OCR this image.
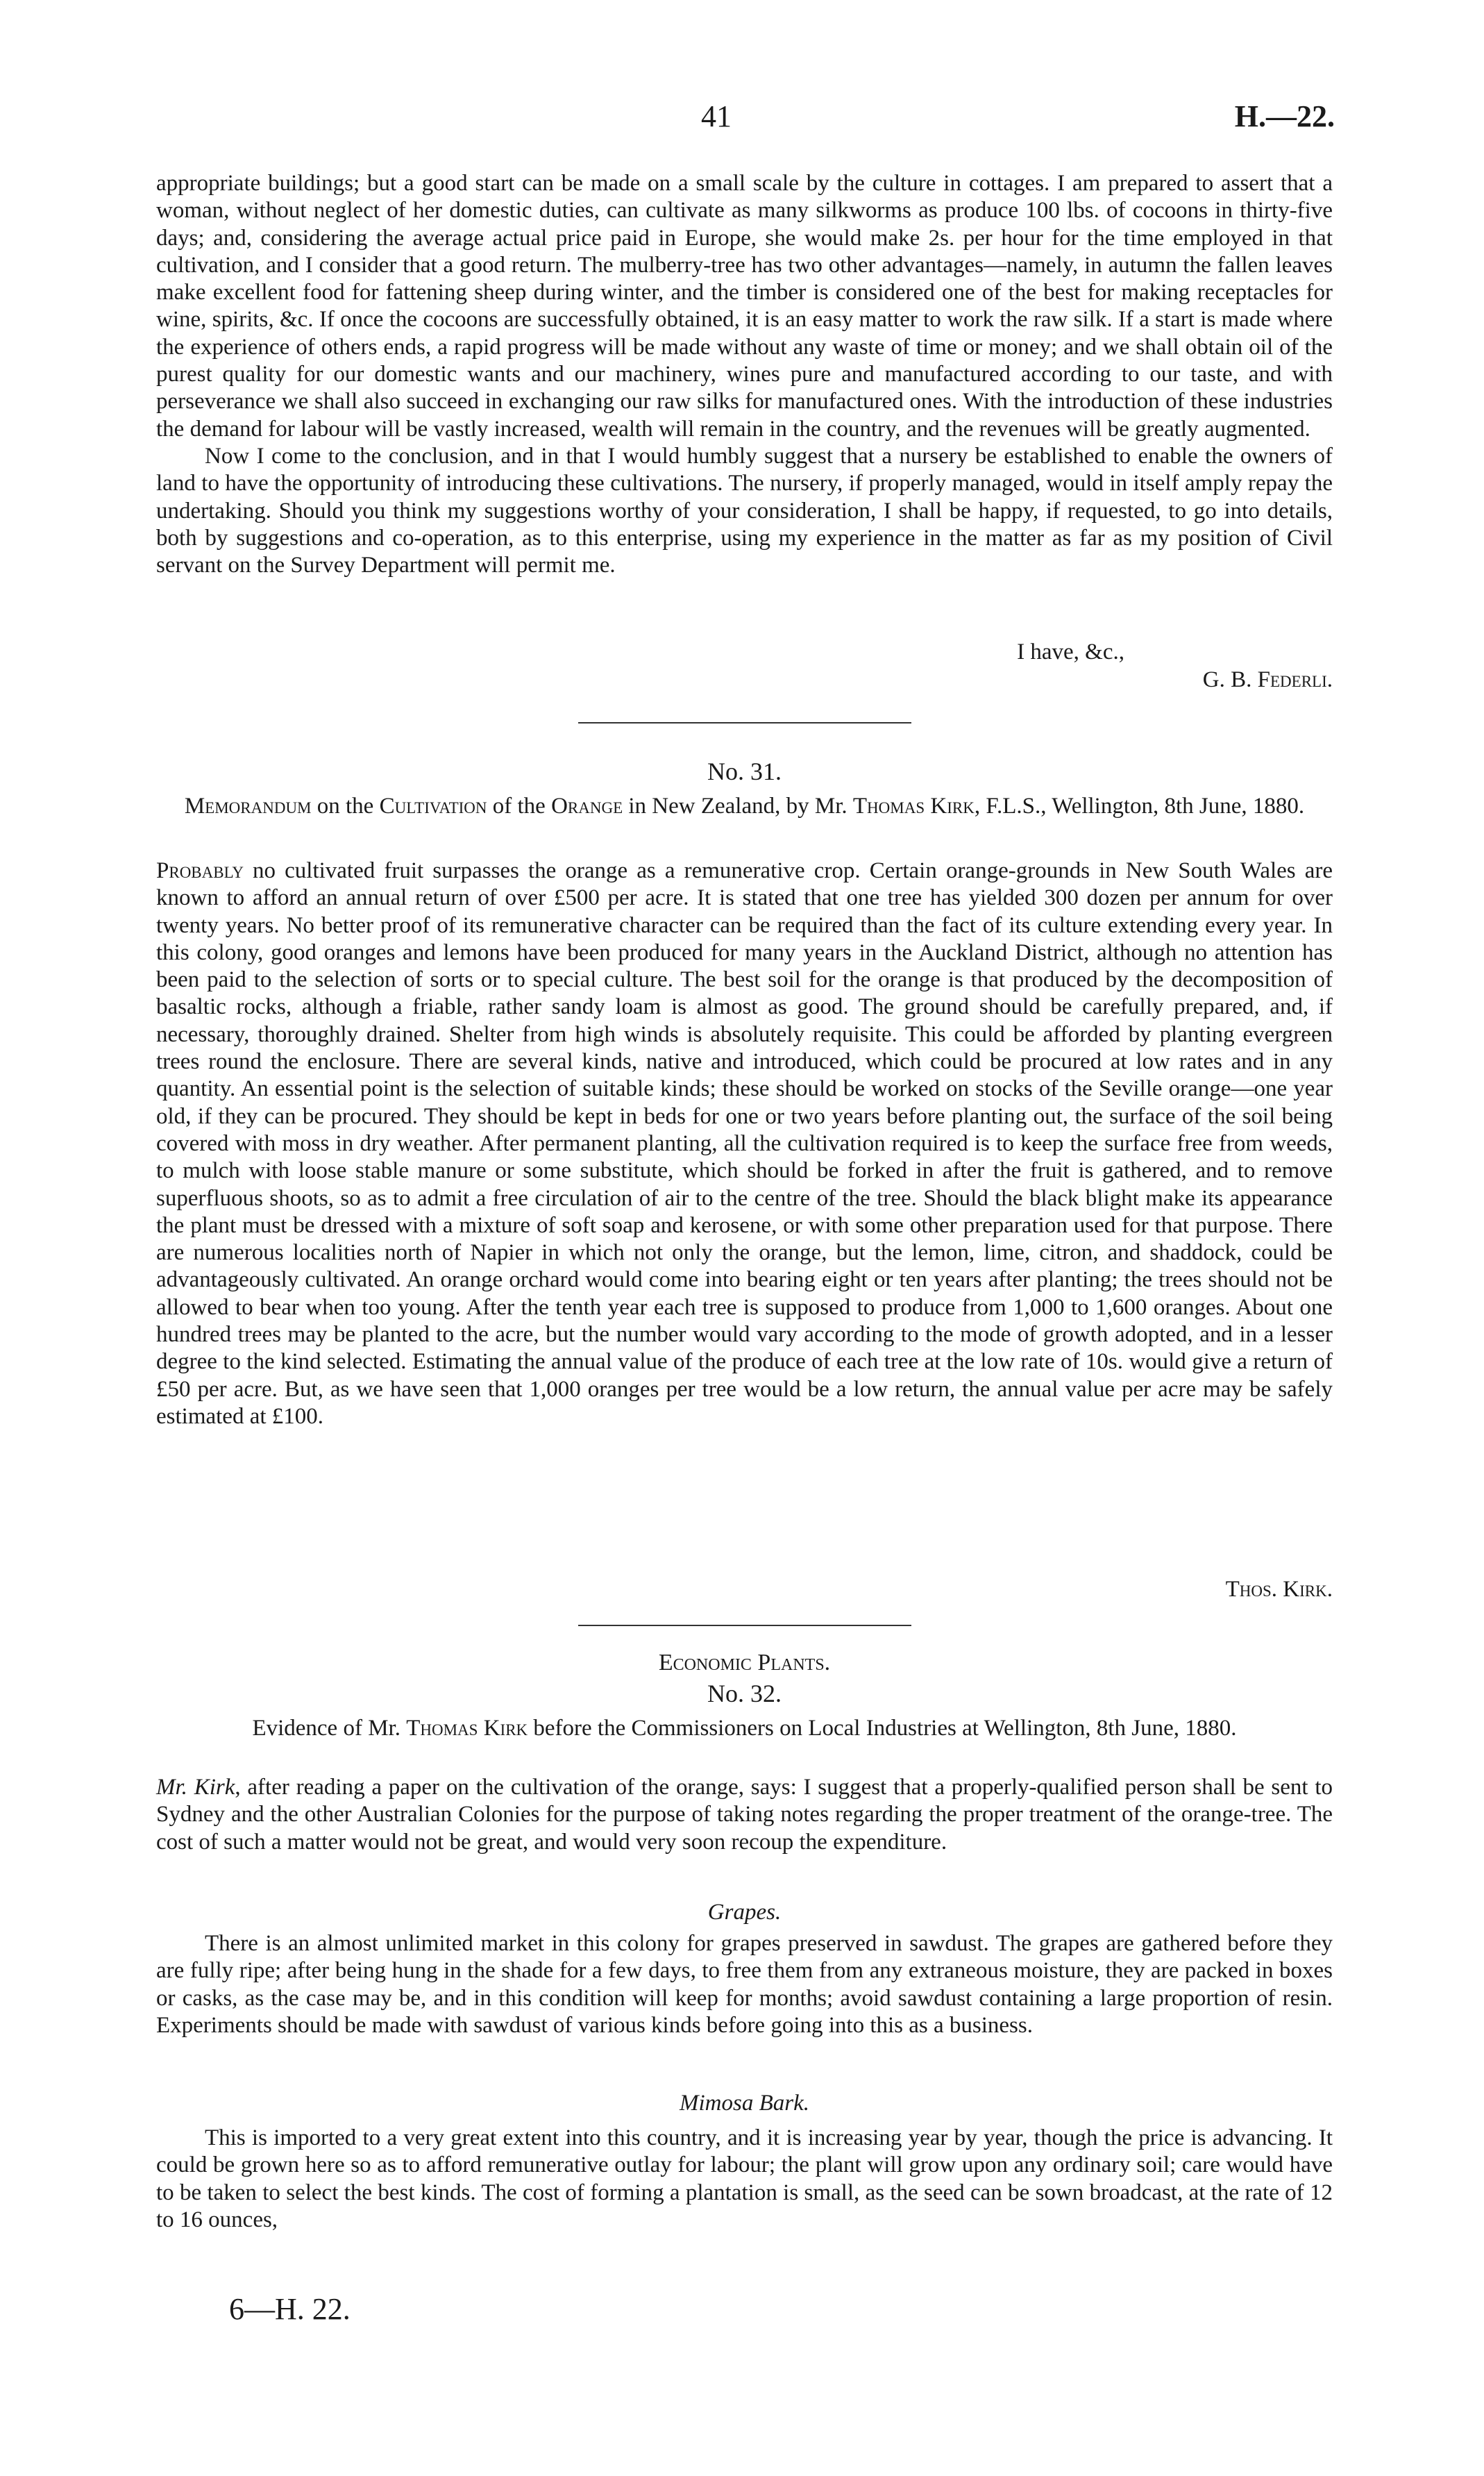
41	H.—22.

appropriate buildings; but a good start can be made on a small scale by the culture in cottages. I am prepared to assert that a woman, without neglect of her domestic duties, can cultivate as many silkworms as produce 100 lbs. of cocoons in thirty-five days; and, considering the average actual price paid in Europe, she would make 2s. per hour for the time employed in that cultivation, and I consider that a good return. The mulberry-tree has two other advantages—namely, in autumn the fallen leaves make excellent food for fattening sheep during winter, and the timber is considered one of the best for making receptacles for wine, spirits, &c. If once the cocoons are successfully obtained, it is an easy matter to work the raw silk. If a start is made where the experience of others ends, a rapid progress will be made without any waste of time or money; and we shall obtain oil of the purest quality for our domestic wants and our machinery, wines pure and manufactured according to our taste, and with perseverance we shall also succeed in exchanging our raw silks for manufactured ones. With the introduction of these industries the demand for labour will be vastly increased, wealth will remain in the country, and the revenues will be greatly augmented.

Now I come to the conclusion, and in that I would humbly suggest that a nursery be established to enable the owners of land to have the opportunity of introducing these cultivations. The nursery, if properly managed, would in itself amply repay the undertaking. Should you think my suggestions worthy of your consideration, I shall be happy, if requested, to go into details, both by suggestions and co-operation, as to this enterprise, using my experience in the matter as far as my position of Civil servant on the Survey Department will permit me.

I have, &c.,
G. B. Federli.
No. 31.
Memorandum on the Cultivation of the Orange in New Zealand, by Mr. Thomas Kirk, F.L.S., Wellington, 8th June, 1880.

Probably no cultivated fruit surpasses the orange as a remunerative crop. Certain orange-grounds in New South Wales are known to afford an annual return of over £500 per acre. It is stated that one tree has yielded 300 dozen per annum for over twenty years. No better proof of its remunerative character can be required than the fact of its culture extending every year. In this colony, good oranges and lemons have been produced for many years in the Auckland District, although no attention has been paid to the selection of sorts or to special culture. The best soil for the orange is that produced by the decomposition of basaltic rocks, although a friable, rather sandy loam is almost as good. The ground should be carefully prepared, and, if necessary, thoroughly drained. Shelter from high winds is absolutely requisite. This could be afforded by planting evergreen trees round the enclosure. There are several kinds, native and introduced, which could be procured at low rates and in any quantity. An essential point is the selection of suitable kinds; these should be worked on stocks of the Seville orange—one year old, if they can be procured. They should be kept in beds for one or two years before planting out, the surface of the soil being covered with moss in dry weather. After permanent planting, all the cultivation required is to keep the surface free from weeds, to mulch with loose stable manure or some substitute, which should be forked in after the fruit is gathered, and to remove superfluous shoots, so as to admit a free circulation of air to the centre of the tree. Should the black blight make its appearance the plant must be dressed with a mixture of soft soap and kerosene, or with some other preparation used for that purpose. There are numerous localities north of Napier in which not only the orange, but the lemon, lime, citron, and shaddock, could be advantageously cultivated. An orange orchard would come into bearing eight or ten years after planting; the trees should not be allowed to bear when too young. After the tenth year each tree is supposed to produce from 1,000 to 1,600 oranges. About one hundred trees may be planted to the acre, but the number would vary according to the mode of growth adopted, and in a lesser degree to the kind selected. Estimating the annual value of the produce of each tree at the low rate of 10s. would give a return of £50 per acre. But, as we have seen that 1,000 oranges per tree would be a low return, the annual value per acre may be safely estimated at £100.

Thos. Kirk.
Economic Plants.
No. 32.
Evidence of Mr. Thomas Kirk before the Commissioners on Local Industries at Wellington, 8th June, 1880.

Mr. Kirk, after reading a paper on the cultivation of the orange, says: I suggest that a properly-qualified person shall be sent to Sydney and the other Australian Colonies for the purpose of taking notes regarding the proper treatment of the orange-tree. The cost of such a matter would not be great, and would very soon recoup the expenditure.

Grapes.

There is an almost unlimited market in this colony for grapes preserved in sawdust. The grapes are gathered before they are fully ripe; after being hung in the shade for a few days, to free them from any extraneous moisture, they are packed in boxes or casks, as the case may be, and in this condition will keep for months; avoid sawdust containing a large proportion of resin. Experiments should be made with sawdust of various kinds before going into this as a business.

Mimosa Bark.

This is imported to a very great extent into this country, and it is increasing year by year, though the price is advancing. It could be grown here so as to afford remunerative outlay for labour; the plant will grow upon any ordinary soil; care would have to be taken to select the best kinds. The cost of forming a plantation is small, as the seed can be sown broadcast, at the rate of 12 to 16 ounces,

6—H. 22.
